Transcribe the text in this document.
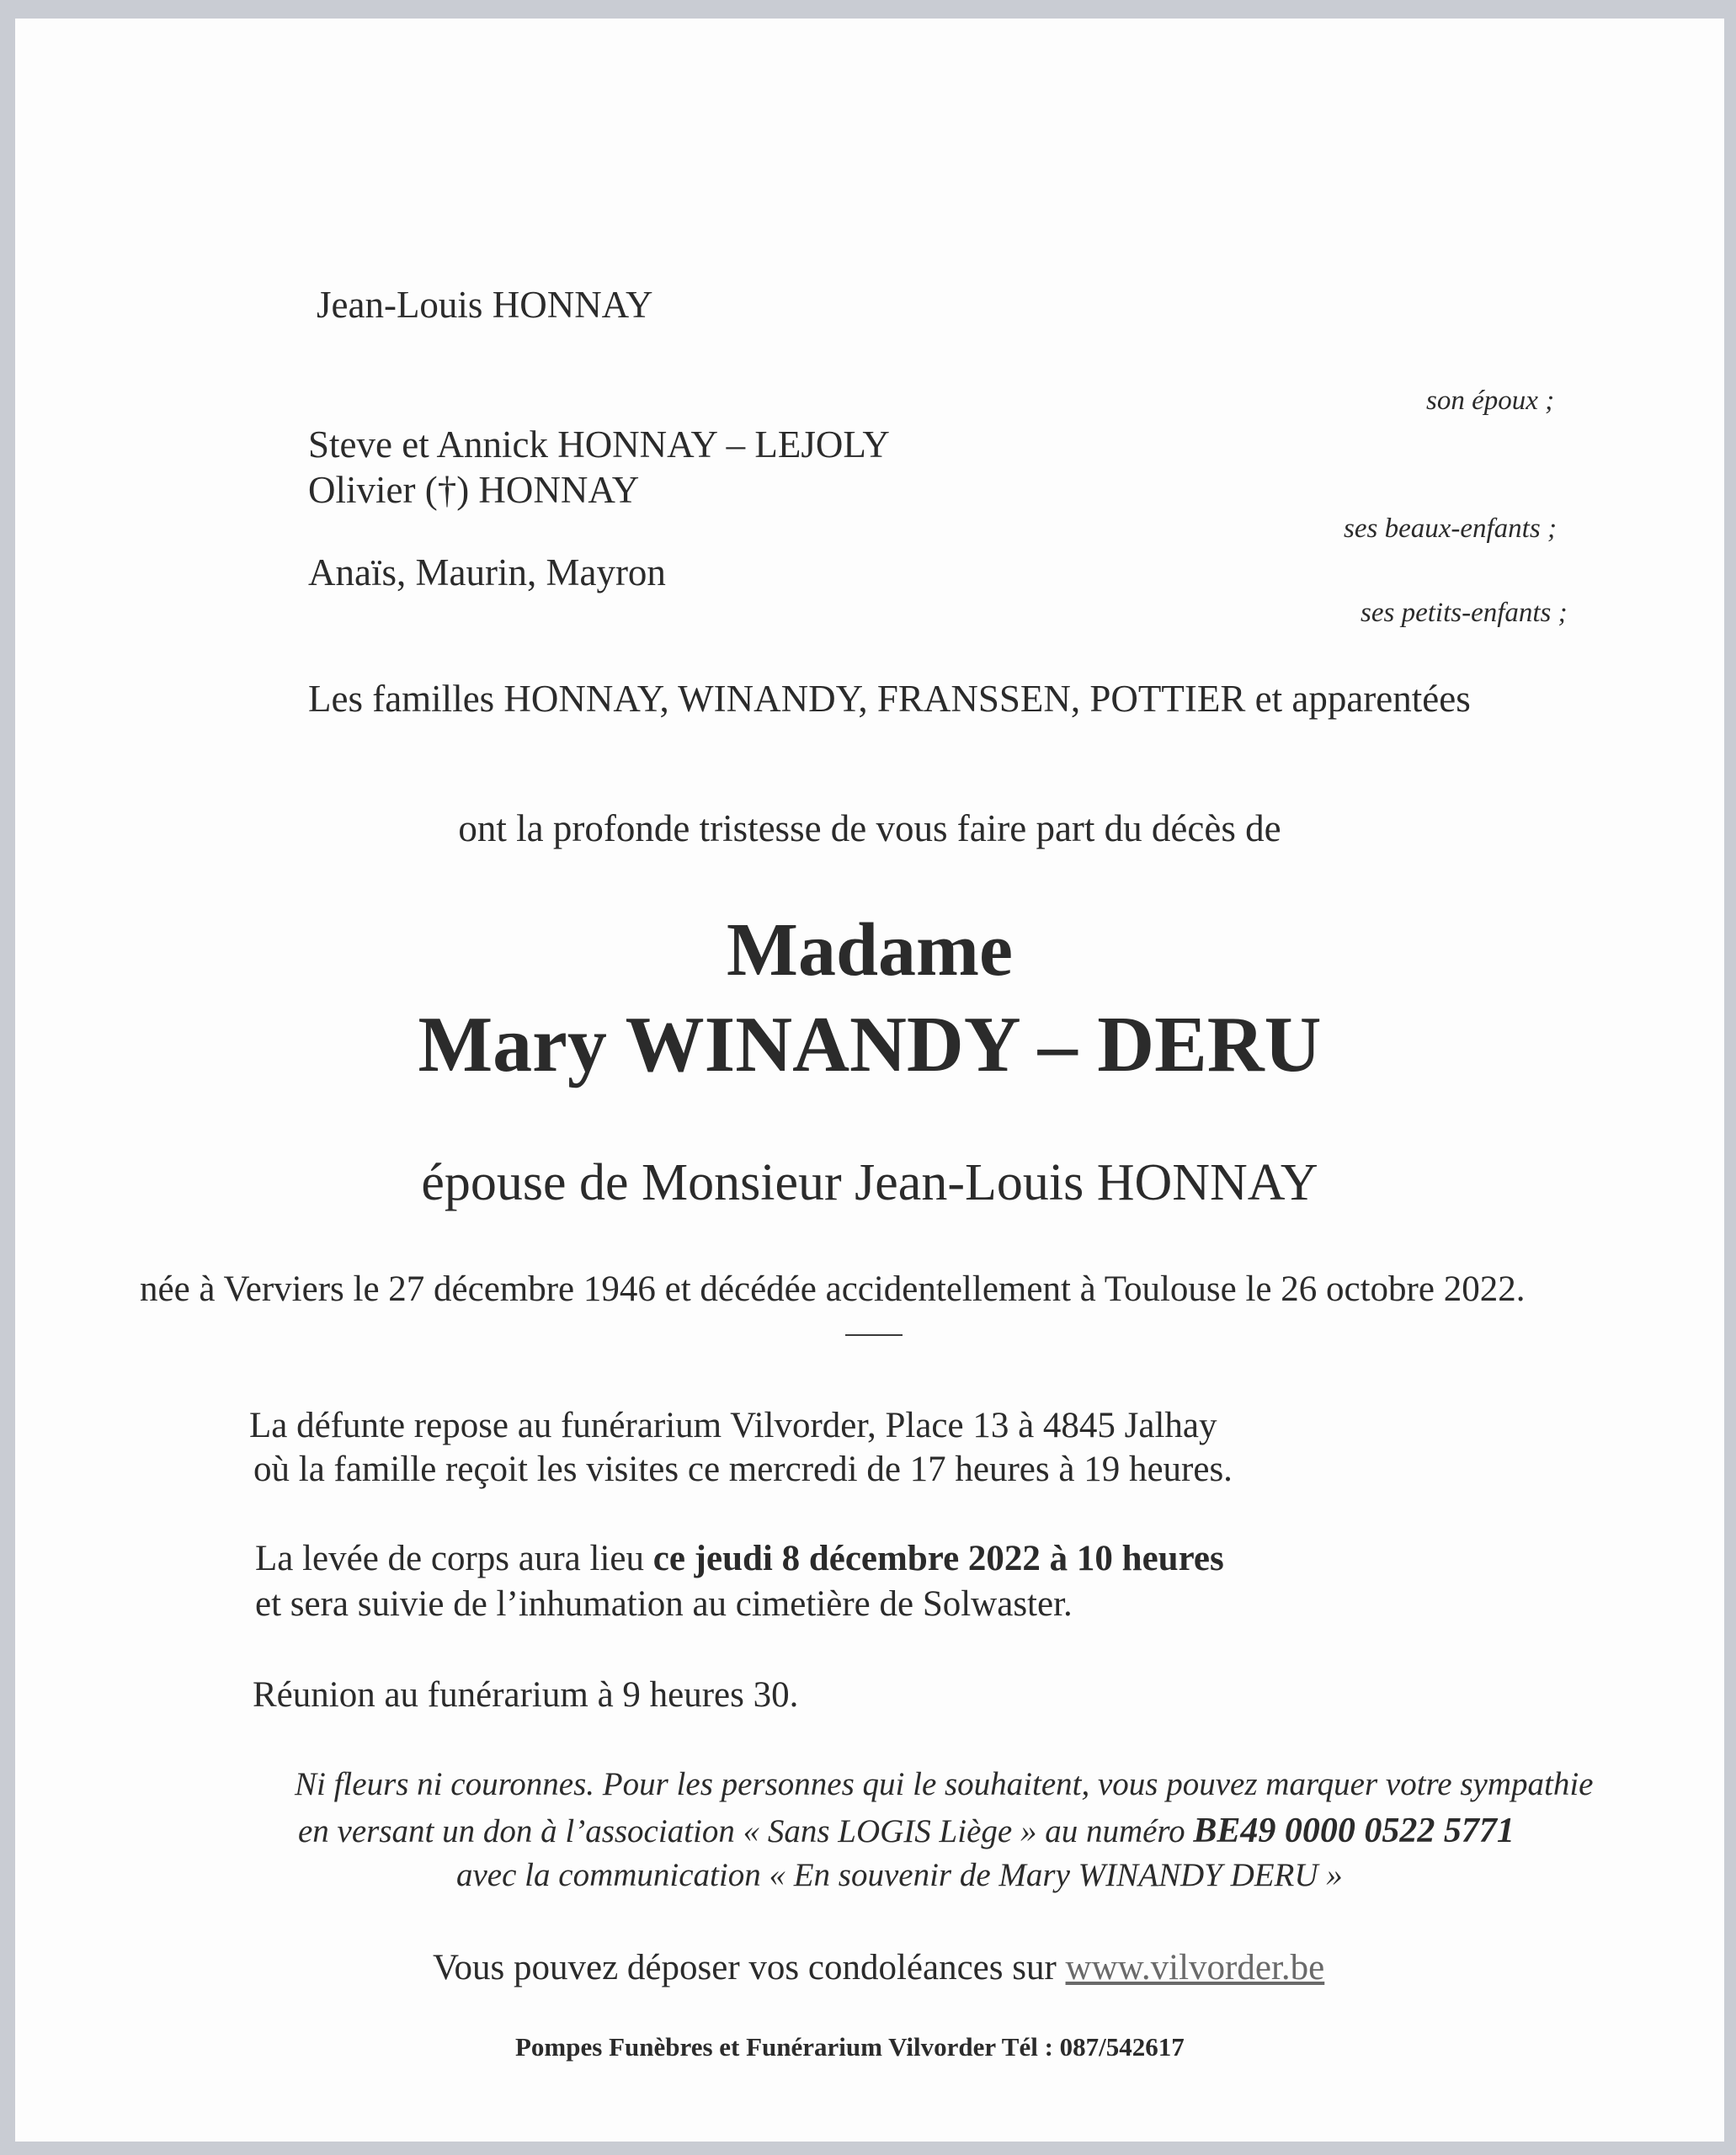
Jean-Louis HONNAY
son époux ;
Steve et Annick HONNAY – LEJOLY
Olivier (†) HONNAY
ses beaux-enfants ;
Anaïs, Maurin, Mayron
ses petits-enfants ;
Les familles HONNAY, WINANDY, FRANSSEN, POTTIER et apparentées
ont la profonde tristesse de vous faire part du décès de
Madame
Mary WINANDY – DERU
épouse de Monsieur Jean-Louis HONNAY
née à Verviers le 27 décembre 1946 et décédée accidentellement à Toulouse le 26 octobre 2022.
La défunte repose au funérarium Vilvorder, Place 13 à 4845 Jalhay
où la famille reçoit les visites ce mercredi de 17 heures à 19 heures.
La levée de corps aura lieu ce jeudi 8 décembre 2022 à 10 heures
et sera suivie de l’inhumation au cimetière de Solwaster.
Réunion au funérarium à 9 heures 30.
Ni fleurs ni couronnes. Pour les personnes qui le souhaitent, vous pouvez marquer votre sympathie
en versant un don à l’association « Sans LOGIS Liège » au numéro BE49 0000 0522 5771
avec la communication « En souvenir de Mary WINANDY DERU »
Vous pouvez déposer vos condoléances sur www.vilvorder.be
Pompes Funèbres et Funérarium Vilvorder Tél : 087/542617
